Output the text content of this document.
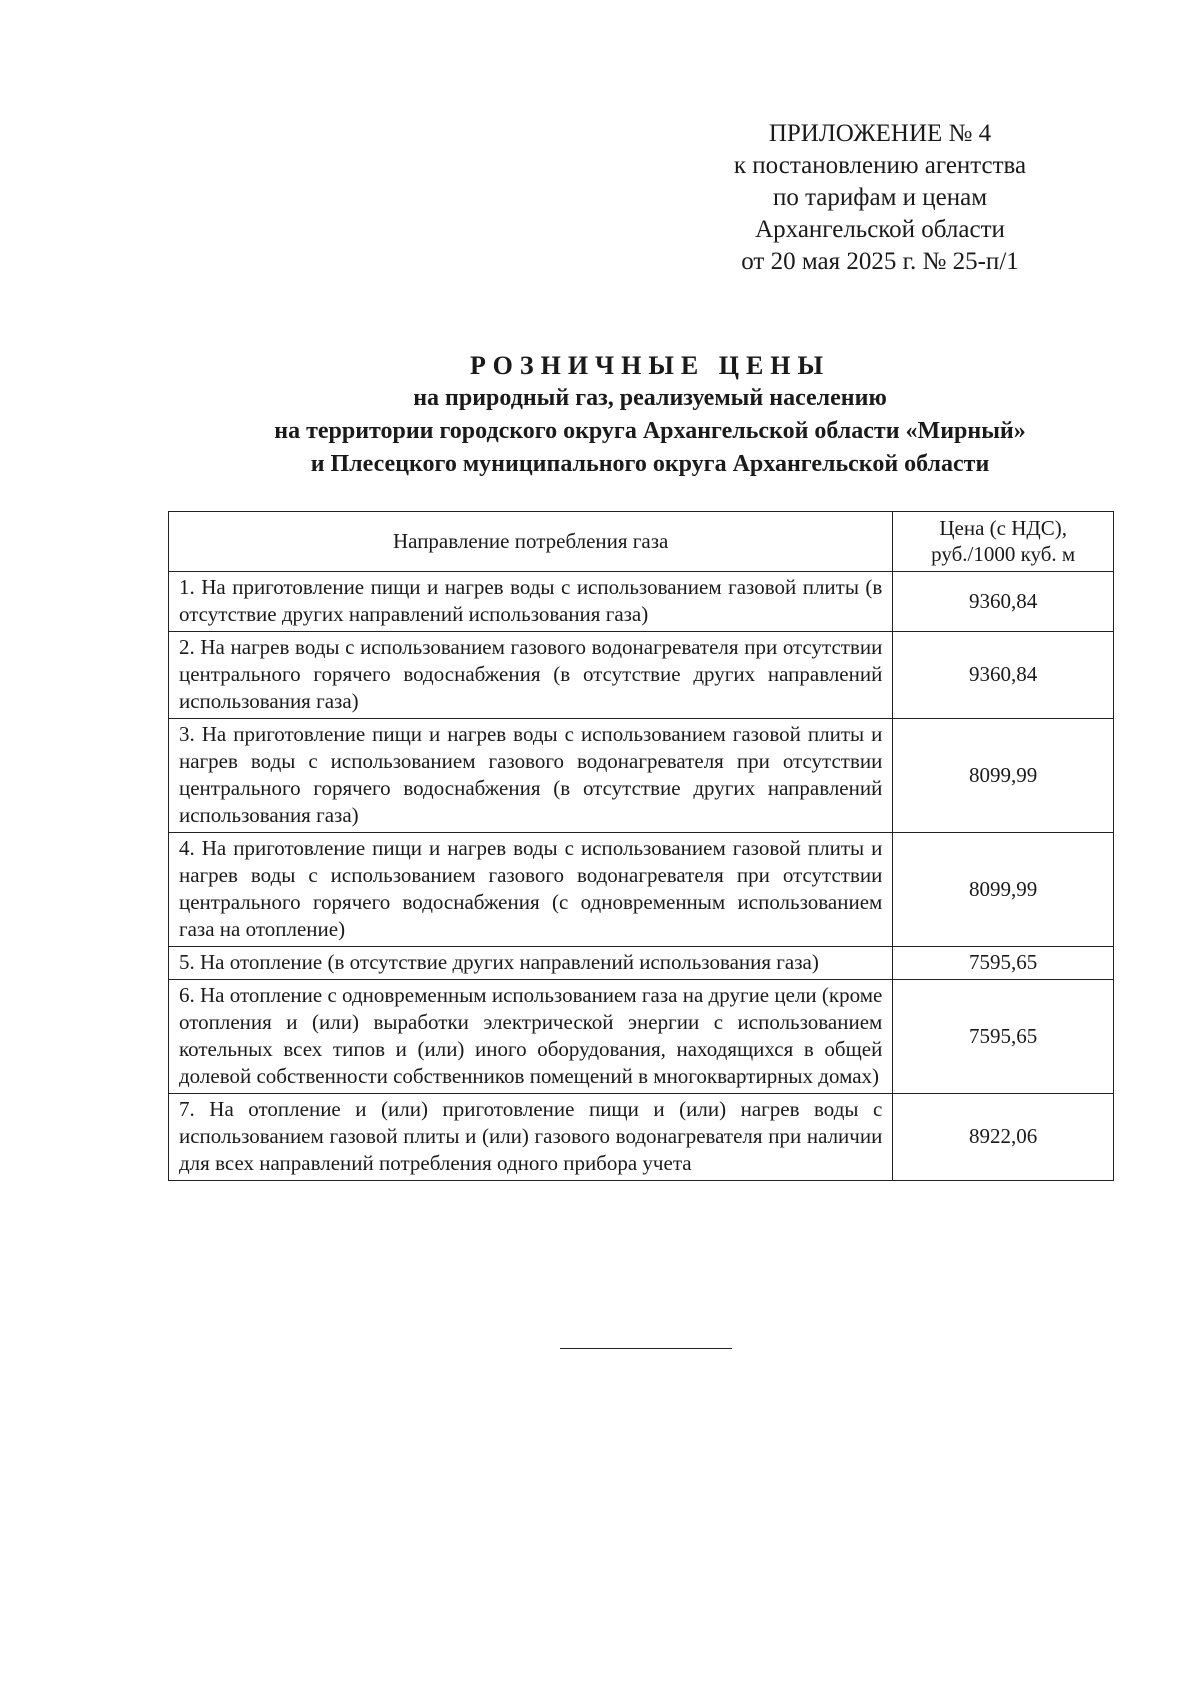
ПРИЛОЖЕНИЕ № 4
к постановлению агентства
по тарифам и ценам
Архангельской области
от 20 мая 2025 г. № 25-п/1
РОЗНИЧНЫЕ ЦЕНЫ
на природный газ, реализуемый населению
на территории городского округа Архангельской области «Мирный»
и Плесецкого муниципального округа Архангельской области
Направление потребления газа	Цена (с НДС),
руб./1000 куб. м
1. На приготовление пищи и нагрев воды с использованием газовой плиты (в отсутствие других направлений использования газа)	9360,84
2. На нагрев воды с использованием газового водонагревателя при отсутствии центрального горячего водоснабжения (в отсутствие других направлений использования газа)	9360,84
3. На приготовление пищи и нагрев воды с использованием газовой плиты и нагрев воды с использованием газового водонагревателя при отсутствии центрального горячего водоснабжения (в отсутствие других направлений использования газа)	8099,99
4. На приготовление пищи и нагрев воды с использованием газовой плиты и нагрев воды с использованием газового водонагревателя при отсутствии центрального горячего водоснабжения (с одновременным использованием газа на отопление)	8099,99
5. На отопление (в отсутствие других направлений использования газа)	7595,65
6. На отопление с одновременным использованием газа на другие цели (кроме отопления и (или) выработки электрической энергии с использованием котельных всех типов и (или) иного оборудования, находящихся в общей долевой собственности собственников помещений в многоквартирных домах)	7595,65
7. На отопление и (или) приготовление пищи и (или) нагрев воды с использованием газовой плиты и (или) газового водонагревателя при наличии для всех направлений потребления одного прибора учета	8922,06
